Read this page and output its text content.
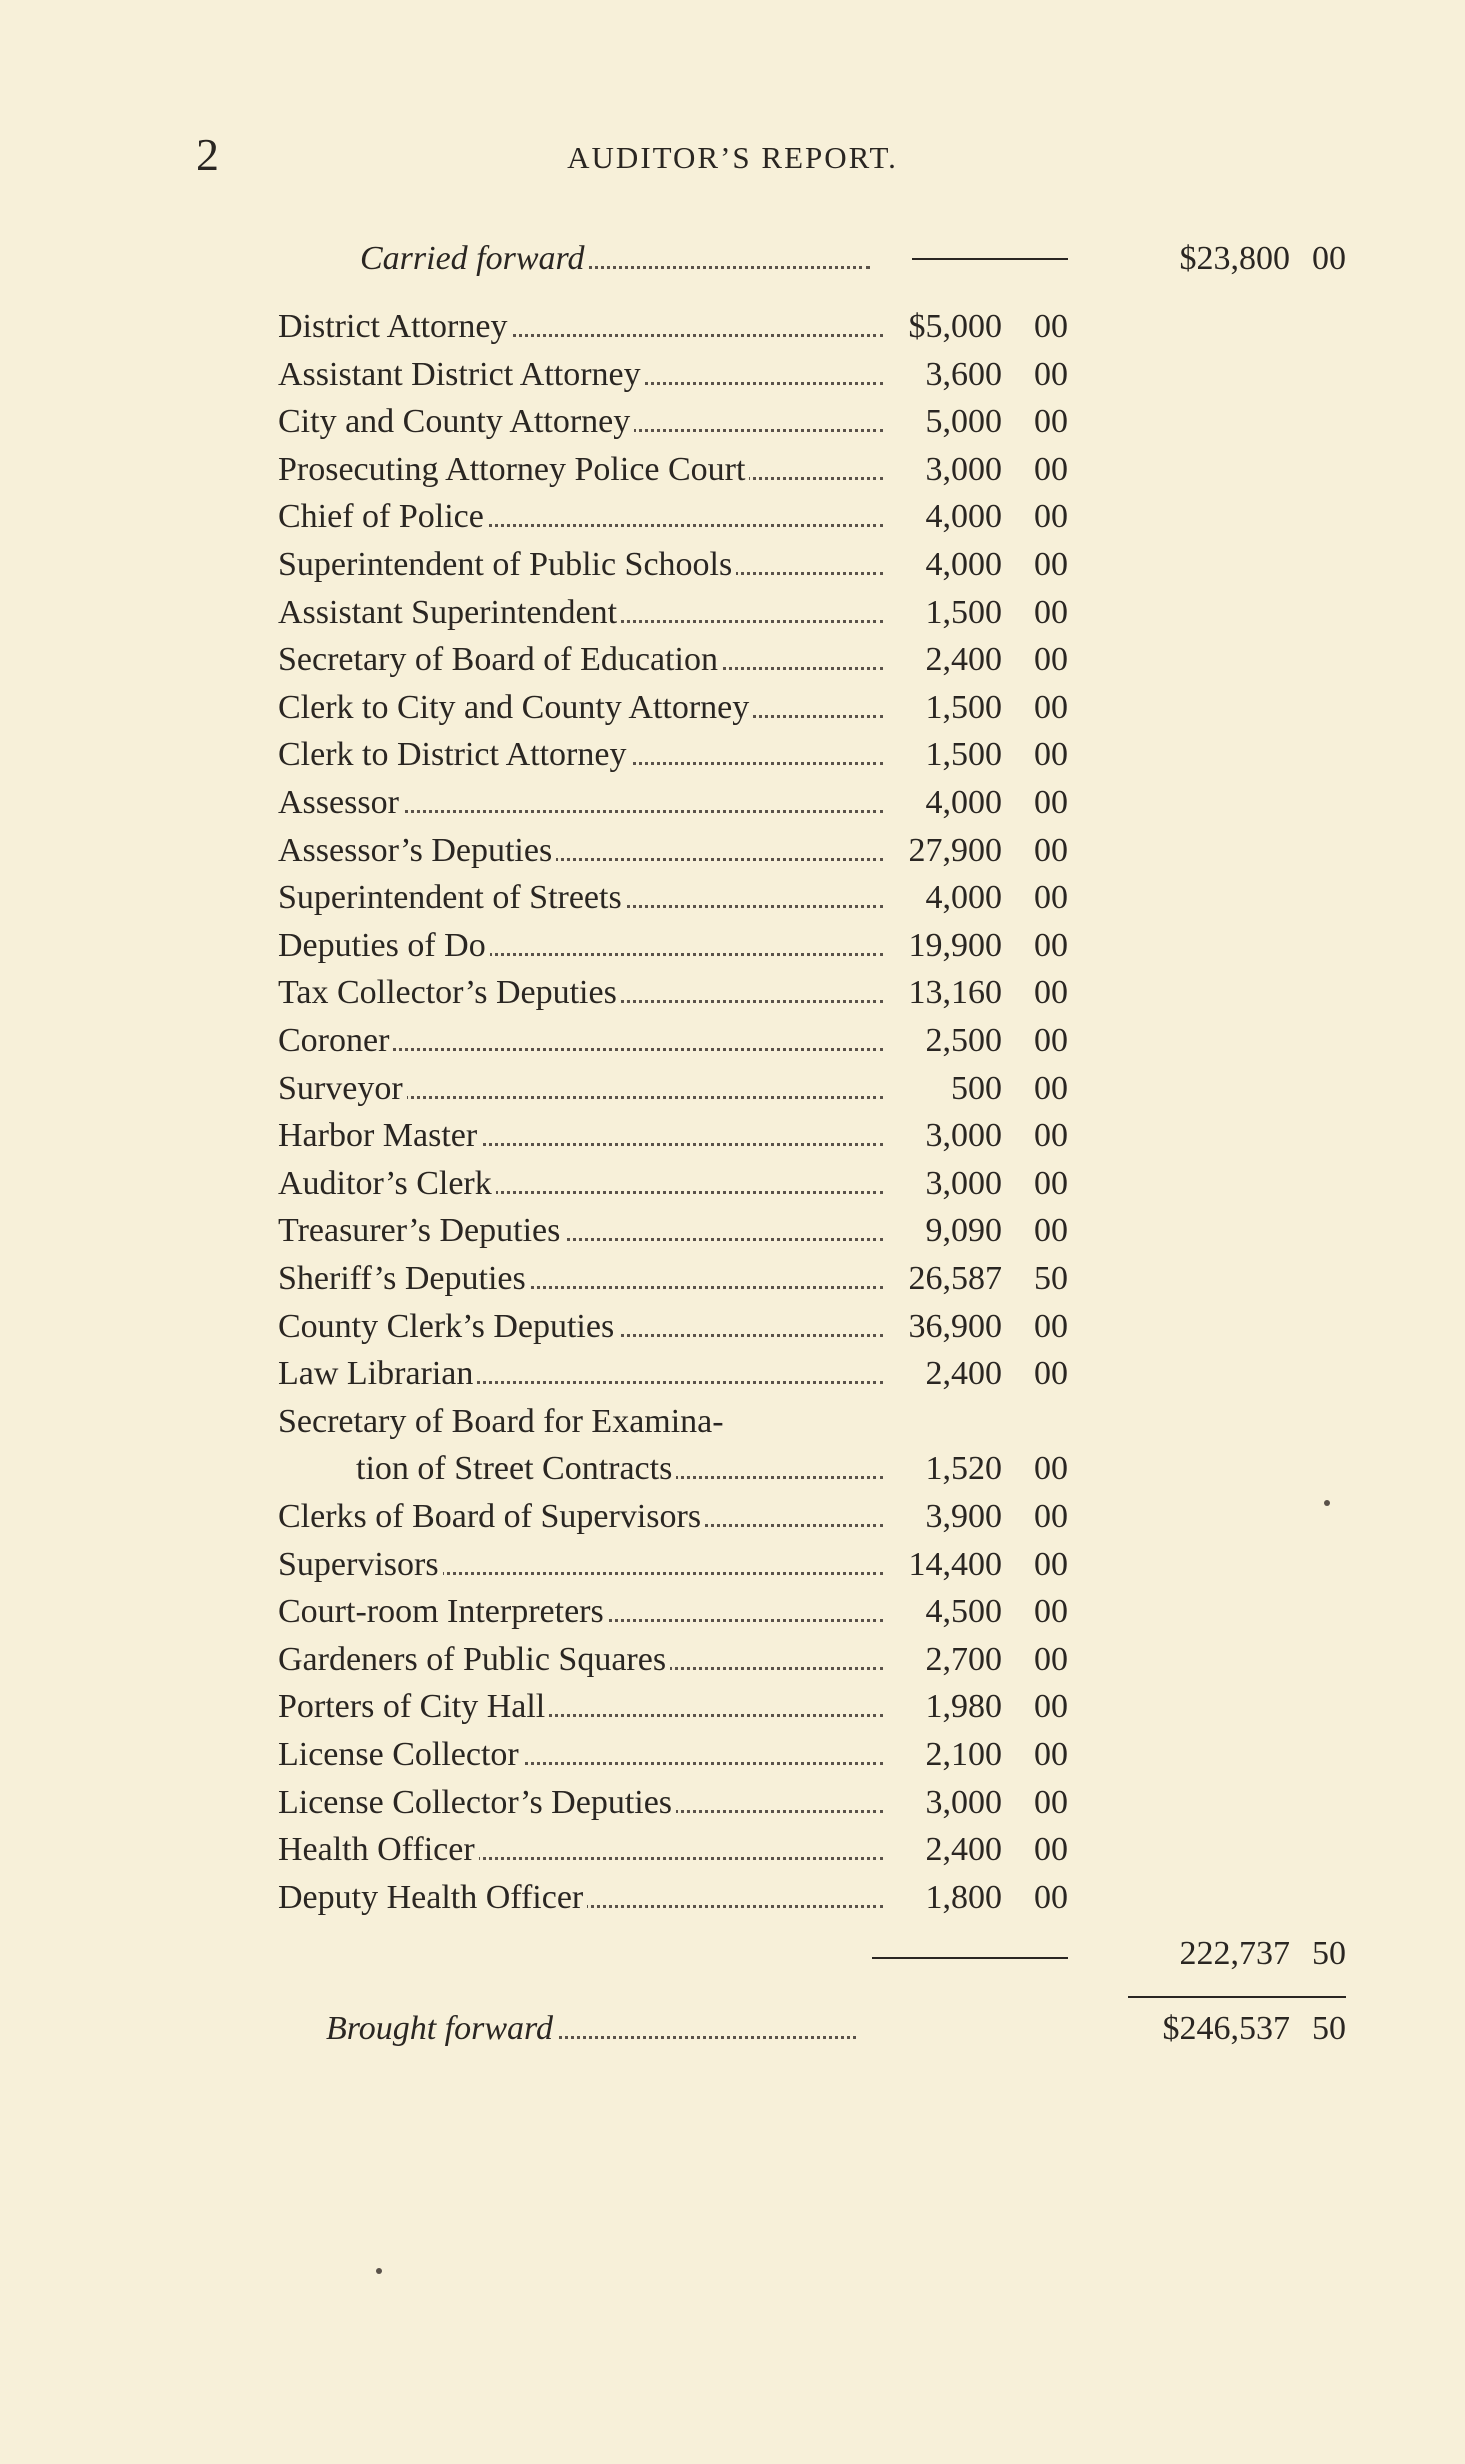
2	AUDITOR’S REPORT.
Carried forward	$23,800 00
District Attorney	$5,000 00
Assistant District Attorney	3,600 00
City and County Attorney	5,000 00
Prosecuting Attorney Police Court	3,000 00
Chief of Police	4,000 00
Superintendent of Public Schools	4,000 00
Assistant Superintendent	1,500 00
Secretary of Board of Education	2,400 00
Clerk to City and County Attorney	1,500 00
Clerk to District Attorney	1,500 00
Assessor	4,000 00
Assessor’s Deputies	27,900 00
Superintendent of Streets	4,000 00
Deputies of Do	19,900 00
Tax Collector’s Deputies	13,160 00
Coroner	2,500 00
Surveyor	500 00
Harbor Master	3,000 00
Auditor’s Clerk	3,000 00
Treasurer’s Deputies	9,090 00
Sheriff’s Deputies	26,587 50
County Clerk’s Deputies	36,900 00
Law Librarian	2,400 00
Secretary of Board for Examina-
tion of Street Contracts	1,520 00
Clerks of Board of Supervisors	3,900 00
Supervisors	14,400 00
Court-room Interpreters	4,500 00
Gardeners of Public Squares	2,700 00
Porters of City Hall	1,980 00
License Collector	2,100 00
License Collector’s Deputies	3,000 00
Health Officer	2,400 00
Deputy Health Officer	1,800 00
222,737 50
Brought forward	$246,537 50
